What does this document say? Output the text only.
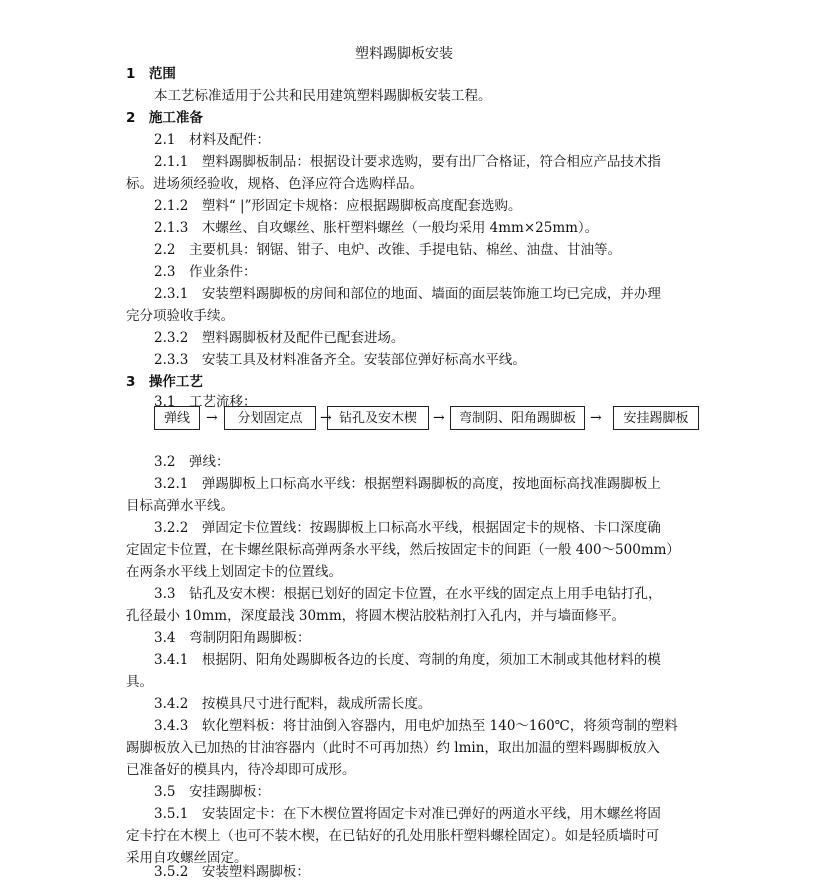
塑料踢脚板安装
1　范围
本工艺标准适用于公共和民用建筑塑料踢脚板安装工程。
2　施工准备
2.1　材料及配件：
2.1.1　塑料踢脚板制品：根据设计要求选购，要有出厂合格证，符合相应产品技术指
标。进场须经验收，规格、色泽应符合选购样品。
2.1.2　塑料“ |”形固定卡规格：应根据踢脚板高度配套选购。
2.1.3　木螺丝、自攻螺丝、胀杆塑料螺丝（一般均采用 4mm×25mm）。
2.2　主要机具：钢锯、钳子、电炉、改锥、手提电钻、棉丝、油盘、甘油等。
2.3　作业条件：
2.3.1　安装塑料踢脚板的房间和部位的地面、墙面的面层装饰施工均已完成，并办理
完分项验收手续。
2.3.2　塑料踢脚板材及配件已配套进场。
2.3.3　安装工具及材料准备齐全。安装部位弹好标高水平线。
3　操作工艺
3.1　工艺流移：
弹线	→	分划固定点	→ 钻孔及安木楔	→	弯制阴、阳角踢脚板	→	安挂踢脚板
3.2　弹线：
3.2.1　弹踢脚板上口标高水平线：根据塑料踢脚板的高度，按地面标高找准踢脚板上
目标高弹水平线。
3.2.2　弹固定卡位置线：按踢脚板上口标高水平线，根据固定卡的规格、卡口深度确
定固定卡位置，在卡螺丝限标高弹两条水平线，然后按固定卡的间距（一般 400～500mm）
在两条水平线上划固定卡的位置线。
3.3　钻孔及安木楔：根据已划好的固定卡位置，在水平线的固定点上用手电钻打孔，
孔径最小 10mm，深度最浅 30mm，将圆木楔沾胶粘剂打入孔内，并与墙面修平。
3.4　弯制阴阳角踢脚板：
3.4.1　根据阴、阳角处踢脚板各边的长度、弯制的角度，须加工木制或其他材料的模
具。
3.4.2　按模具尺寸进行配料，裁成所需长度。
3.4.3　软化塑料板：将甘油倒入容器内，用电炉加热至 140～160℃，将须弯制的塑料
踢脚板放入已加热的甘油容器内（此时不可再加热）约 lmin，取出加温的塑料踢脚板放入
已准备好的模具内，待冷却即可成形。
3.5　安挂踢脚板：
3.5.1　安装固定卡：在下木楔位置将固定卡对准已弹好的两道水平线，用木螺丝将固
定卡拧在木楔上（也可不装木楔，在已钻好的孔处用胀杆塑料螺栓固定）。如是轻质墙时可
采用自攻螺丝固定。
3.5.2　安装塑料踢脚板：
